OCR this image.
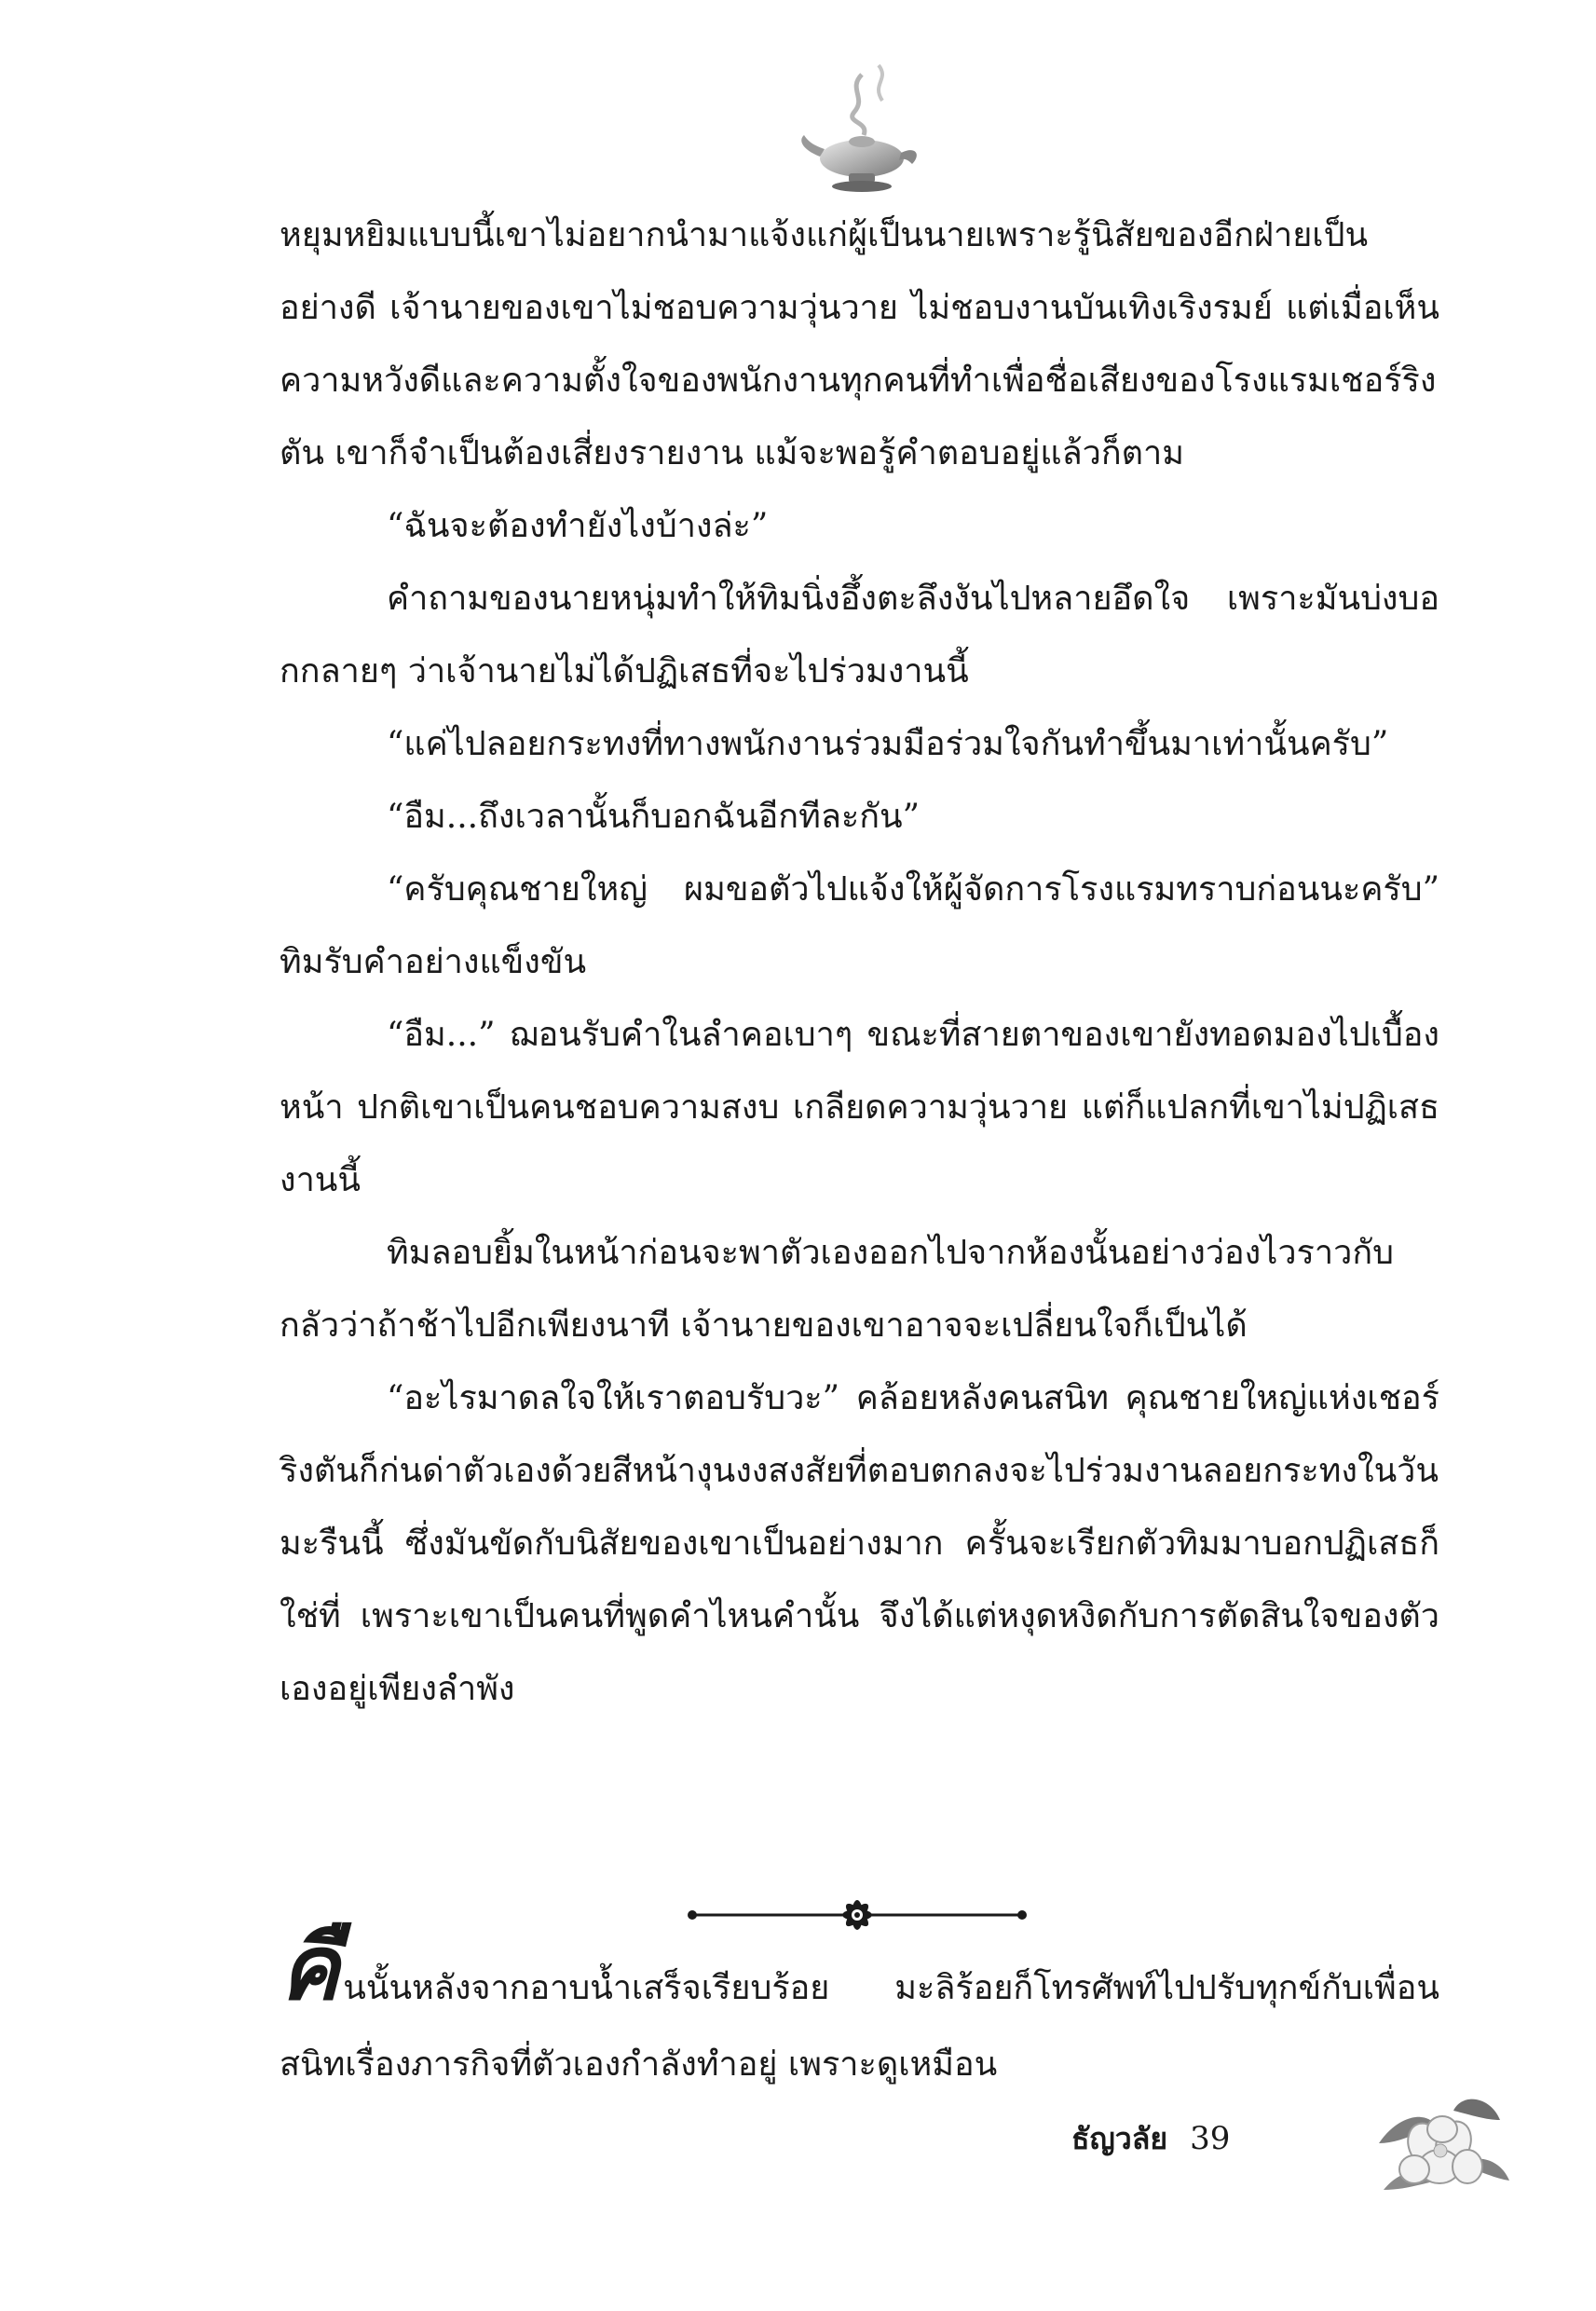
หยุมหยิมแบบนี้เขาไม่อยากนำมาแจ้งแก่ผู้เป็นนายเพราะรู้นิสัยของอีกฝ่ายเป็นอย่างดี เจ้านายของเขาไม่ชอบความวุ่นวาย ไม่ชอบงานบันเทิงเริงรมย์ แต่เมื่อเห็นความหวังดีและความตั้งใจของพนักงานทุกคนที่ทำเพื่อชื่อเสียงของโรงแรมเชอร์ริงตัน เขาก็จำเป็นต้องเสี่ยงรายงาน แม้จะพอรู้คำตอบอยู่แล้วก็ตาม

“ฉันจะต้องทำยังไงบ้างล่ะ”

คำถามของนายหนุ่มทำให้ทิมนิ่งอึ้งตะลึงงันไปหลายอึดใจ เพราะมันบ่งบอกกลายๆ ว่าเจ้านายไม่ได้ปฏิเสธที่จะไปร่วมงานนี้

“แค่ไปลอยกระทงที่ทางพนักงานร่วมมือร่วมใจกันทำขึ้นมาเท่านั้นครับ”

“อืม...ถึงเวลานั้นก็บอกฉันอีกทีละกัน”

“ครับคุณชายใหญ่ ผมขอตัวไปแจ้งให้ผู้จัดการโรงแรมทราบก่อนนะครับ” ทิมรับคำอย่างแข็งขัน

“อืม...” ฌอนรับคำในลำคอเบาๆ ขณะที่สายตาของเขายังทอดมองไปเบื้องหน้า ปกติเขาเป็นคนชอบความสงบ เกลียดความวุ่นวาย แต่ก็แปลกที่เขาไม่ปฏิเสธงานนี้

ทิมลอบยิ้มในหน้าก่อนจะพาตัวเองออกไปจากห้องนั้นอย่างว่องไวราวกับกลัวว่าถ้าช้าไปอีกเพียงนาที เจ้านายของเขาอาจจะเปลี่ยนใจก็เป็นได้

“อะไรมาดลใจให้เราตอบรับวะ” คล้อยหลังคนสนิท คุณชายใหญ่แห่งเชอร์ริงตันก็ก่นด่าตัวเองด้วยสีหน้างุนงงสงสัยที่ตอบตกลงจะไปร่วมงานลอยกระทงในวันมะรืนนี้ ซึ่งมันขัดกับนิสัยของเขาเป็นอย่างมาก ครั้นจะเรียกตัวทิมมาบอกปฏิเสธก็ใช่ที่ เพราะเขาเป็นคนที่พูดคำไหนคำนั้น จึงได้แต่หงุดหงิดกับการตัดสินใจของตัวเองอยู่เพียงลำพัง

คืนนั้นหลังจากอาบน้ำเสร็จเรียบร้อย มะลิร้อยก็โทรศัพท์ไปปรับทุกข์กับเพื่อนสนิทเรื่องภารกิจที่ตัวเองกำลังทำอยู่ เพราะดูเหมือน

ธัญวลัย 39
